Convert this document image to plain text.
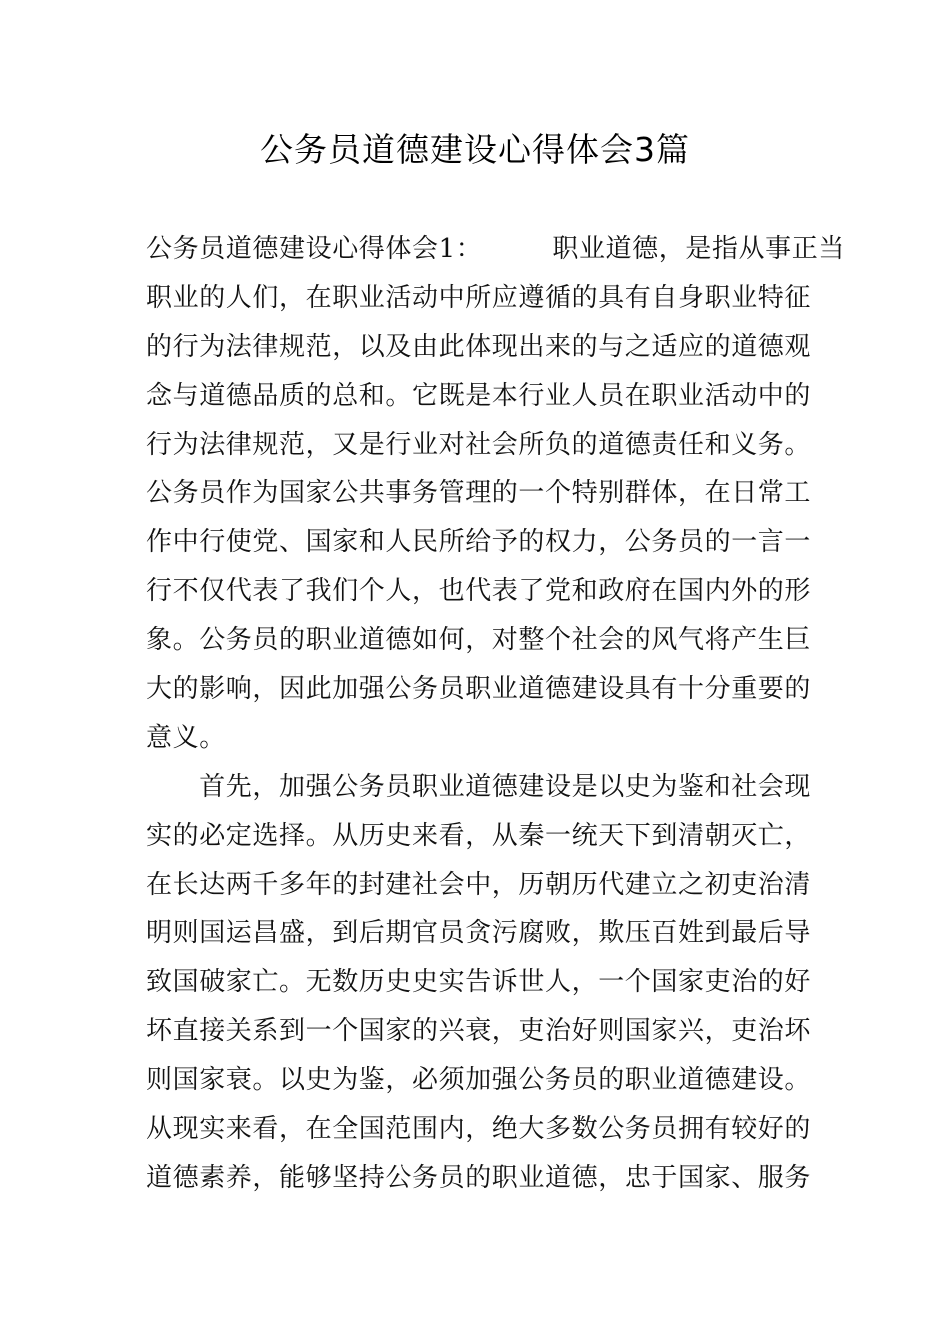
公务员道德建设心得体会3篇
公务员道德建设心得体会1：	职业道德，是指从事正当
职业的人们，在职业活动中所应遵循的具有自身职业特征
的行为法律规范，以及由此体现出来的与之适应的道德观
念与道德品质的总和。它既是本行业人员在职业活动中的
行为法律规范，又是行业对社会所负的道德责任和义务。
公务员作为国家公共事务管理的一个特别群体，在日常工
作中行使党、国家和人民所给予的权力，公务员的一言一
行不仅代表了我们个人，也代表了党和政府在国内外的形
象。公务员的职业道德如何，对整个社会的风气将产生巨
大的影响，因此加强公务员职业道德建设具有十分重要的
意义。
　　首先，加强公务员职业道德建设是以史为鉴和社会现
实的必定选择。从历史来看，从秦一统天下到清朝灭亡，
在长达两千多年的封建社会中，历朝历代建立之初吏治清
明则国运昌盛，到后期官员贪污腐败，欺压百姓到最后导
致国破家亡。无数历史史实告诉世人，一个国家吏治的好
坏直接关系到一个国家的兴衰，吏治好则国家兴，吏治坏
则国家衰。以史为鉴，必须加强公务员的职业道德建设。
从现实来看，在全国范围内，绝大多数公务员拥有较好的
道德素养，能够坚持公务员的职业道德，忠于国家、服务
